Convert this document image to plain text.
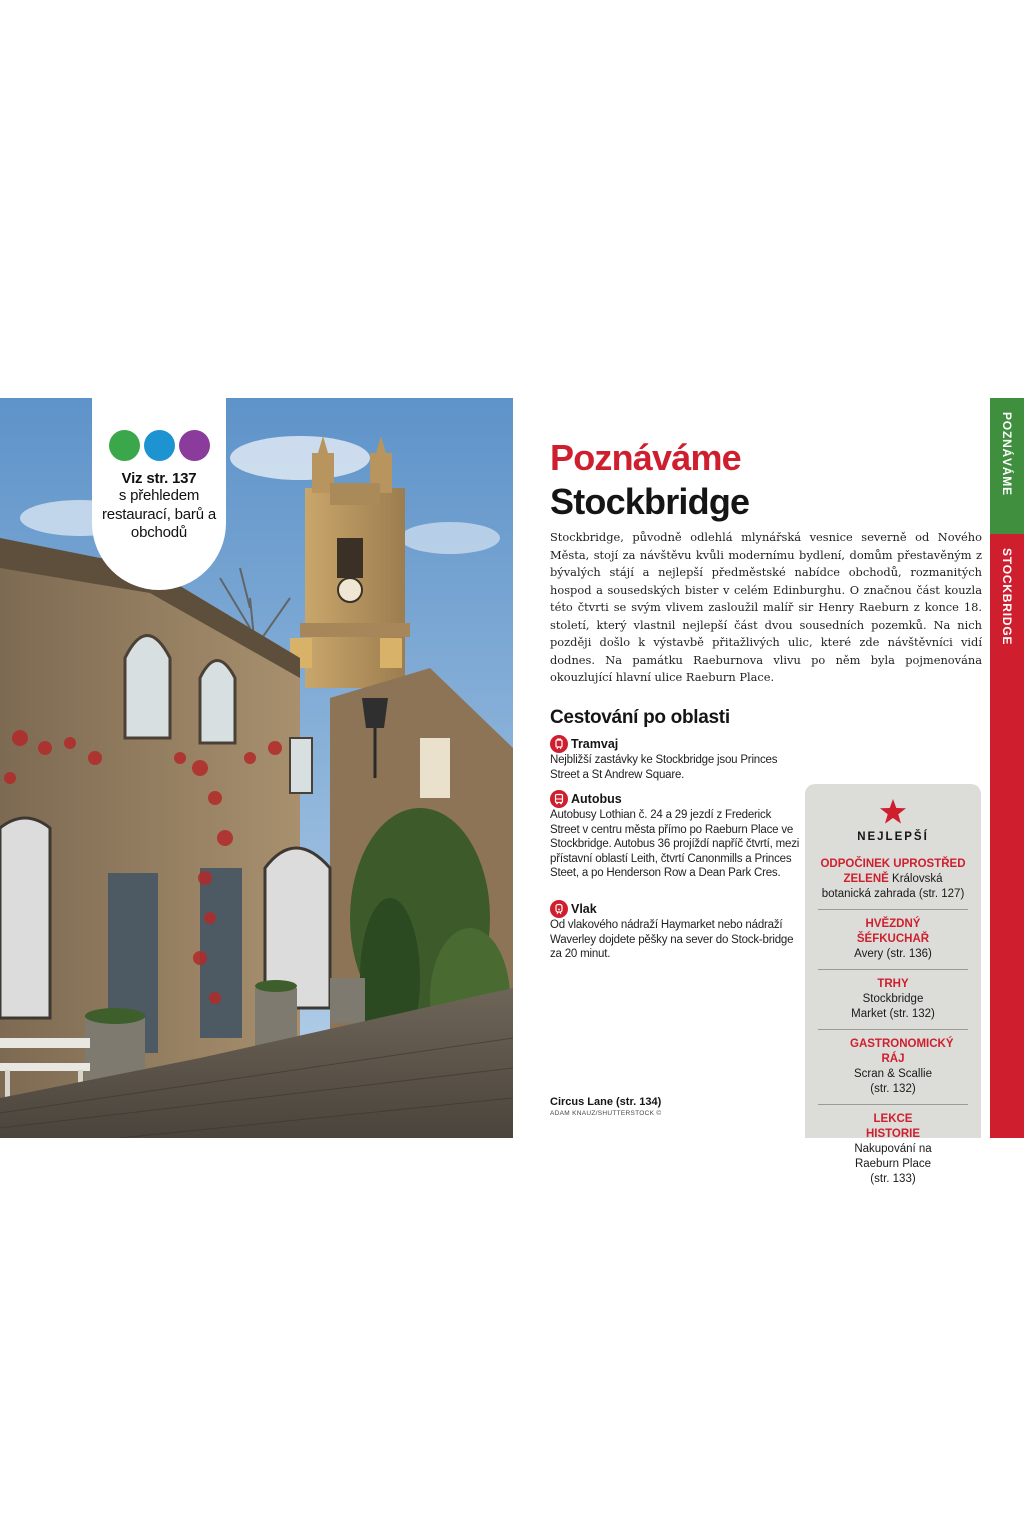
Viz str. 137
s přehledem restaurací, barů a obchodů
Poznáváme
Stockbridge
Stockbridge, původně odlehlá mlynářská vesnice severně od Nového Města, stojí za návštěvu kvůli modernímu bydlení, domům přestavěným z bývalých stájí a nejlepší předměstské nabídce obchodů, rozmanitých hospod a sousedských bister v celém Edinburghu. O značnou část kouzla této čtvrti se svým vlivem zasloužil malíř sir Henry Raeburn z konce 18. století, který vlastnil nejlepší část dvou sousedních pozemků. Na nich později došlo k výstavbě přitažlivých ulic, které zde návštěvníci vidí dodnes. Na památku Raeburnova vlivu po něm byla pojmenována okouzlující hlavní ulice Raeburn Place.
Cestování po oblasti
Tramvaj
Nejbližší zastávky ke Stockbridge jsou Princes Street a St Andrew Square.
Autobus
Autobusy Lothian č. 24 a 29 jezdí z Frederick Street v centru města přímo po Raeburn Place ve Stockbridge. Autobus 36 projíždí napříč čtvrtí, mezi přístavní oblastí Leith, čtvrtí Canonmills a Princes Steet, a po Henderson Row a Dean Park Cres.
Vlak
Od vlakového nádraží Haymarket nebo nádraží Waverley dojdete pěšky na sever do Stock-bridge za 20 minut.
Circus Lane (str. 134)
ADAM KNAUZ/SHUTTERSTOCK ©
NEJLEPŠÍ
ODPOČINEK UPROSTŘED ZELENĚ Královská botanická zahrada (str. 127)
HVĚZDNÝ ŠÉFKUCHAŘ
Avery (str. 136)
TRHY Stockbridge Market (str. 132)
GASTRONOMICKÝ RÁJ
Scran & Scallie (str. 132)
LEKCE HISTORIE
Nakupování na Raeburn Place (str. 133)
POZNÁVÁME
STOCKBRIDGE
